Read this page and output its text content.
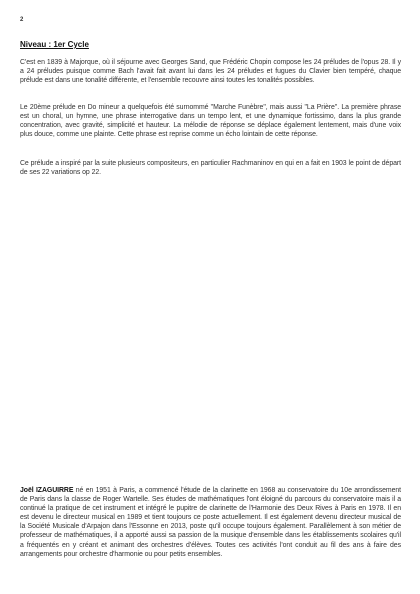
2
Niveau : 1er Cycle

C'est en 1839 à Majorque, où il séjourne avec Georges Sand, que Frédéric Chopin compose les 24 préludes de l'opus 28. Il y a 24 préludes puisque comme Bach l'avait fait avant lui dans les 24 préludes et fugues du Clavier bien tempéré, chaque prélude est dans une tonalité différente, et l'ensemble recouvre ainsi toutes les tonalités possibles.

Le 20ème prélude en Do mineur a quelquefois été surnommé "Marche Funèbre", mais aussi "La Prière". La première phrase est un choral, un hymne, une phrase interrogative dans un tempo lent, et une dynamique fortissimo, dans la plus grande concentration, avec gravité, simplicité et hauteur. La mélodie de réponse se déplace également lentement, mais d'une voix plus douce, comme une plainte. Cette phrase est reprise comme un écho lointain de cette réponse.

Ce prélude a inspiré par la suite plusieurs compositeurs, en particulier Rachmaninov en qui en a fait en 1903 le point de départ de ses 22 variations op 22.

Joël IZAGUIRRE né en 1951 à Paris, a commencé l'étude de la clarinette en 1968 au conservatoire du 10e arrondissement de Paris dans la classe de Roger Wartelle. Ses études de mathématiques l'ont éloigné du parcours du conservatoire mais il a continué la pratique de cet instrument et intégré le pupitre de clarinette de l'Harmonie des Deux Rives à Paris en 1978. Il en est devenu le directeur musical en 1989 et tient toujours ce poste actuellement. Il est également devenu directeur musical de la Société Musicale d'Arpajon dans l'Essonne en 2013, poste qu'il occupe toujours également. Parallèlement à son métier de professeur de mathématiques, il a apporté aussi sa passion de la musique d'ensemble dans les établissements scolaires qu'il a fréquentés en y créant et animant des orchestres d'élèves. Toutes ces activités l'ont conduit au fil des ans à faire des arrangements pour orchestre d'harmonie ou pour petits ensembles.
